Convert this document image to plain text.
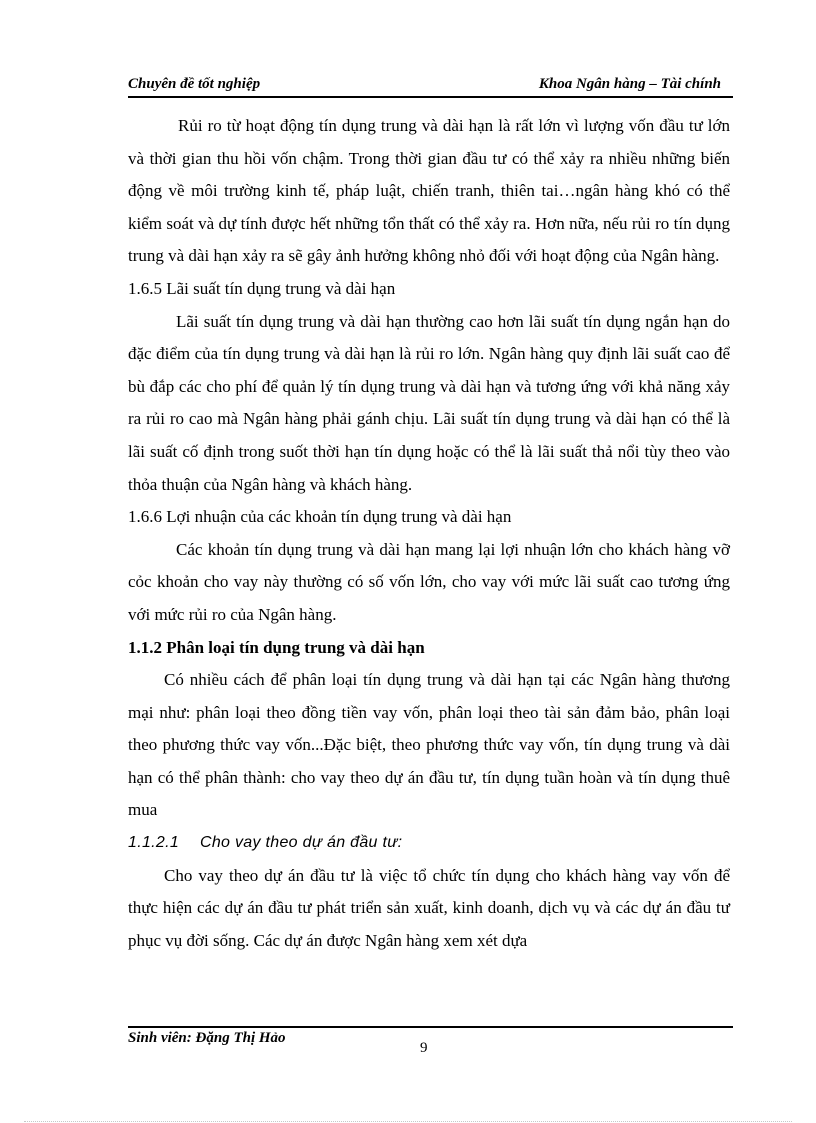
Chuyên đề tốt nghiệp	Khoa Ngân hàng – Tài chính

Rủi ro từ hoạt động tín dụng trung và dài hạn là rất lớn vì lượng vốn đầu tư lớn và thời gian thu hồi vốn chậm. Trong thời gian đầu tư có thể xảy ra nhiều những biến động về môi trường kinh tế, pháp luật, chiến tranh, thiên tai…ngân hàng khó có thể kiểm soát và dự tính được hết những tổn thất có thể xảy ra. Hơn nữa, nếu rủi ro tín dụng trung và dài hạn xảy ra sẽ gây ảnh hưởng không nhỏ đối với hoạt động của Ngân hàng.

1.6.5 Lãi suất tín dụng trung và dài hạn

Lãi suất tín dụng trung và dài hạn thường cao hơn lãi suất tín dụng ngắn hạn do đặc điểm của tín dụng trung và dài hạn là rủi ro lớn. Ngân hàng quy định lãi suất cao để bù đắp các cho phí để quản lý tín dụng trung và dài hạn và tương ứng với khả năng xảy ra rủi ro cao mà Ngân hàng phải gánh chịu. Lãi suất tín dụng trung và dài hạn có thể là lãi suất cố định trong suốt thời hạn tín dụng hoặc có thể là lãi suất thả nổi tùy theo vào thỏa thuận của Ngân hàng và khách hàng.

1.6.6 Lợi nhuận của các khoản tín dụng trung và dài hạn

Các khoản tín dụng trung và dài hạn mang lại lợi nhuận lớn cho khách hàng vỡ cỏc khoản cho vay này thường có số vốn lớn, cho vay với mức lãi suất cao tương ứng với mức rủi ro của Ngân hàng.

1.1.2 Phân loại tín dụng trung và dài hạn

Có nhiều cách để phân loại tín dụng trung và dài hạn tại các Ngân hàng thương mại như: phân loại theo đồng tiền vay vốn, phân loại theo tài sản đảm bảo, phân loại theo phương thức vay vốn...Đặc biệt, theo phương thức vay vốn, tín dụng trung và dài hạn có thể phân thành: cho vay theo dự án đầu tư, tín dụng tuần hoàn và tín dụng thuê mua

1.1.2.1 Cho vay theo dự án đầu tư:

Cho vay theo dự án đầu tư là việc tổ chức tín dụng cho khách hàng vay vốn để thực hiện các dự án đầu tư phát triển sản xuất, kinh doanh, dịch vụ và các dự án đầu tư phục vụ đời sống. Các dự án được Ngân hàng xem xét dựa

Sinh viên: Đặng Thị Hảo
9
